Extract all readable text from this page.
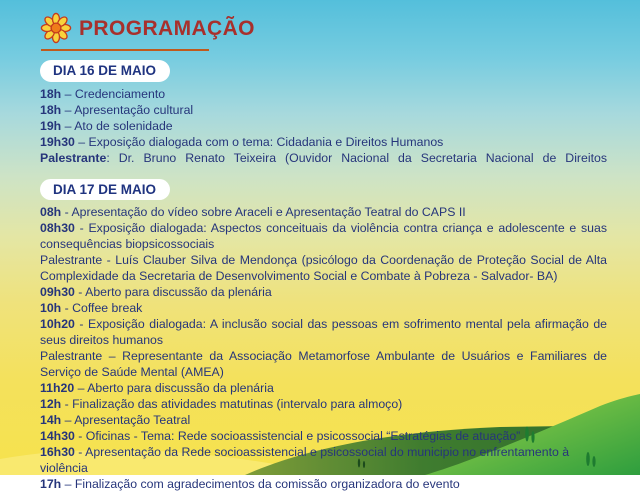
PROGRAMAÇÃO
DIA 16 DE MAIO

18h – Credenciamento

18h – Apresentação cultural

19h – Ato de solenidade

19h30 – Exposição dialogada com o tema: Cidadania e Direitos Humanos

Palestrante: Dr. Bruno Renato Teixeira (Ouvidor Nacional da Secretaria Nacional de Direitos

DIA 17 DE MAIO

08h - Apresentação do vídeo sobre Araceli e Apresentação Teatral do CAPS II

08h30 - Exposição dialogada: Aspectos conceituais da violência contra criança e adolescente e suas consequências biopsicossociais

Palestrante - Luís Clauber Silva de Mendonça (psicólogo da Coordenação de Proteção Social de Alta Complexidade da Secretaria de Desenvolvimento Social e Combate à Pobreza - Salvador- BA)

09h30 - Aberto para discussão da plenária

10h - Coffee break

10h20 - Exposição dialogada: A inclusão social das pessoas em sofrimento mental pela afirmação de seus direitos humanos

Palestrante – Representante da Associação Metamorfose Ambulante de Usuários e Familiares de Serviço de Saúde Mental (AMEA)

11h20 – Aberto para discussão da plenária

12h - Finalização das atividades matutinas (intervalo para almoço)

14h – Apresentação Teatral

14h30 - Oficinas - Tema: Rede socioassistencial e psicossocial “Estratégias de atuação”

16h30 - Apresentação da Rede socioassistencial e psicossocial do municipio no enfrentamento à violência

17h – Finalização com agradecimentos da comissão organizadora do evento
